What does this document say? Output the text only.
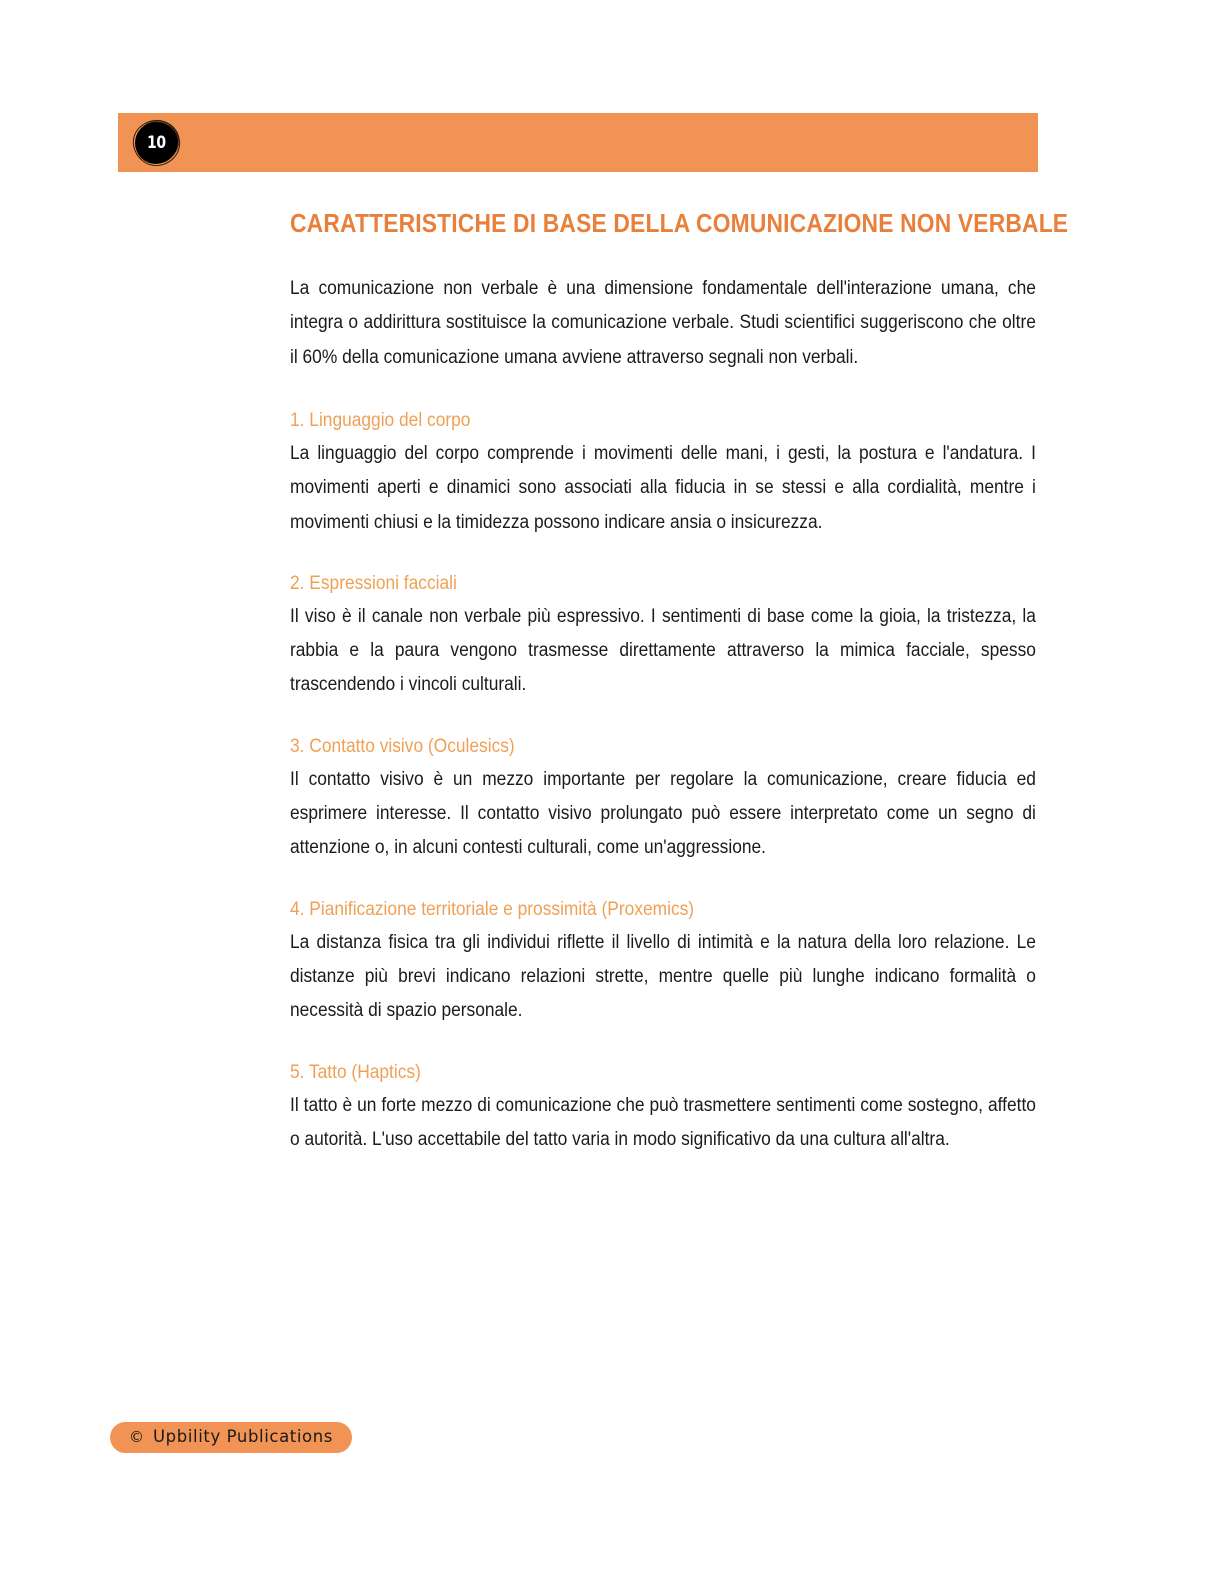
10
CARATTERISTICHE DI BASE DELLA COMUNICAZIONE NON VERBALE

La comunicazione non verbale è una dimensione fondamentale dell'interazione umana, che integra o addirittura sostituisce la comunicazione verbale. Studi scientifici suggeriscono che oltre il 60% della comunicazione umana avviene attraverso segnali non verbali.

1. Linguaggio del corpo

La linguaggio del corpo comprende i movimenti delle mani, i gesti, la postura e l'andatura. I movimenti aperti e dinamici sono associati alla fiducia in se stessi e alla cordialità, mentre i movimenti chiusi e la timidezza possono indicare ansia o insicurezza.

2. Espressioni facciali

Il viso è il canale non verbale più espressivo. I sentimenti di base come la gioia, la tristezza, la rabbia e la paura vengono trasmesse direttamente attraverso la mimica facciale, spesso trascendendo i vincoli culturali.

3. Contatto visivo (Oculesics)

Il contatto visivo è un mezzo importante per regolare la comunicazione, creare fiducia ed esprimere interesse. Il contatto visivo prolungato può essere interpretato come un segno di attenzione o, in alcuni contesti culturali, come un'aggressione.

4. Pianificazione territoriale e prossimità (Proxemics)

La distanza fisica tra gli individui riflette il livello di intimità e la natura della loro relazione. Le distanze più brevi indicano relazioni strette, mentre quelle più lunghe indicano formalità o necessità di spazio personale.

5. Tatto (Haptics)

Il tatto è un forte mezzo di comunicazione che può trasmettere sentimenti come sostegno, affetto o autorità. L'uso accettabile del tatto varia in modo significativo da una cultura all'altra.

© Upbility Publications
